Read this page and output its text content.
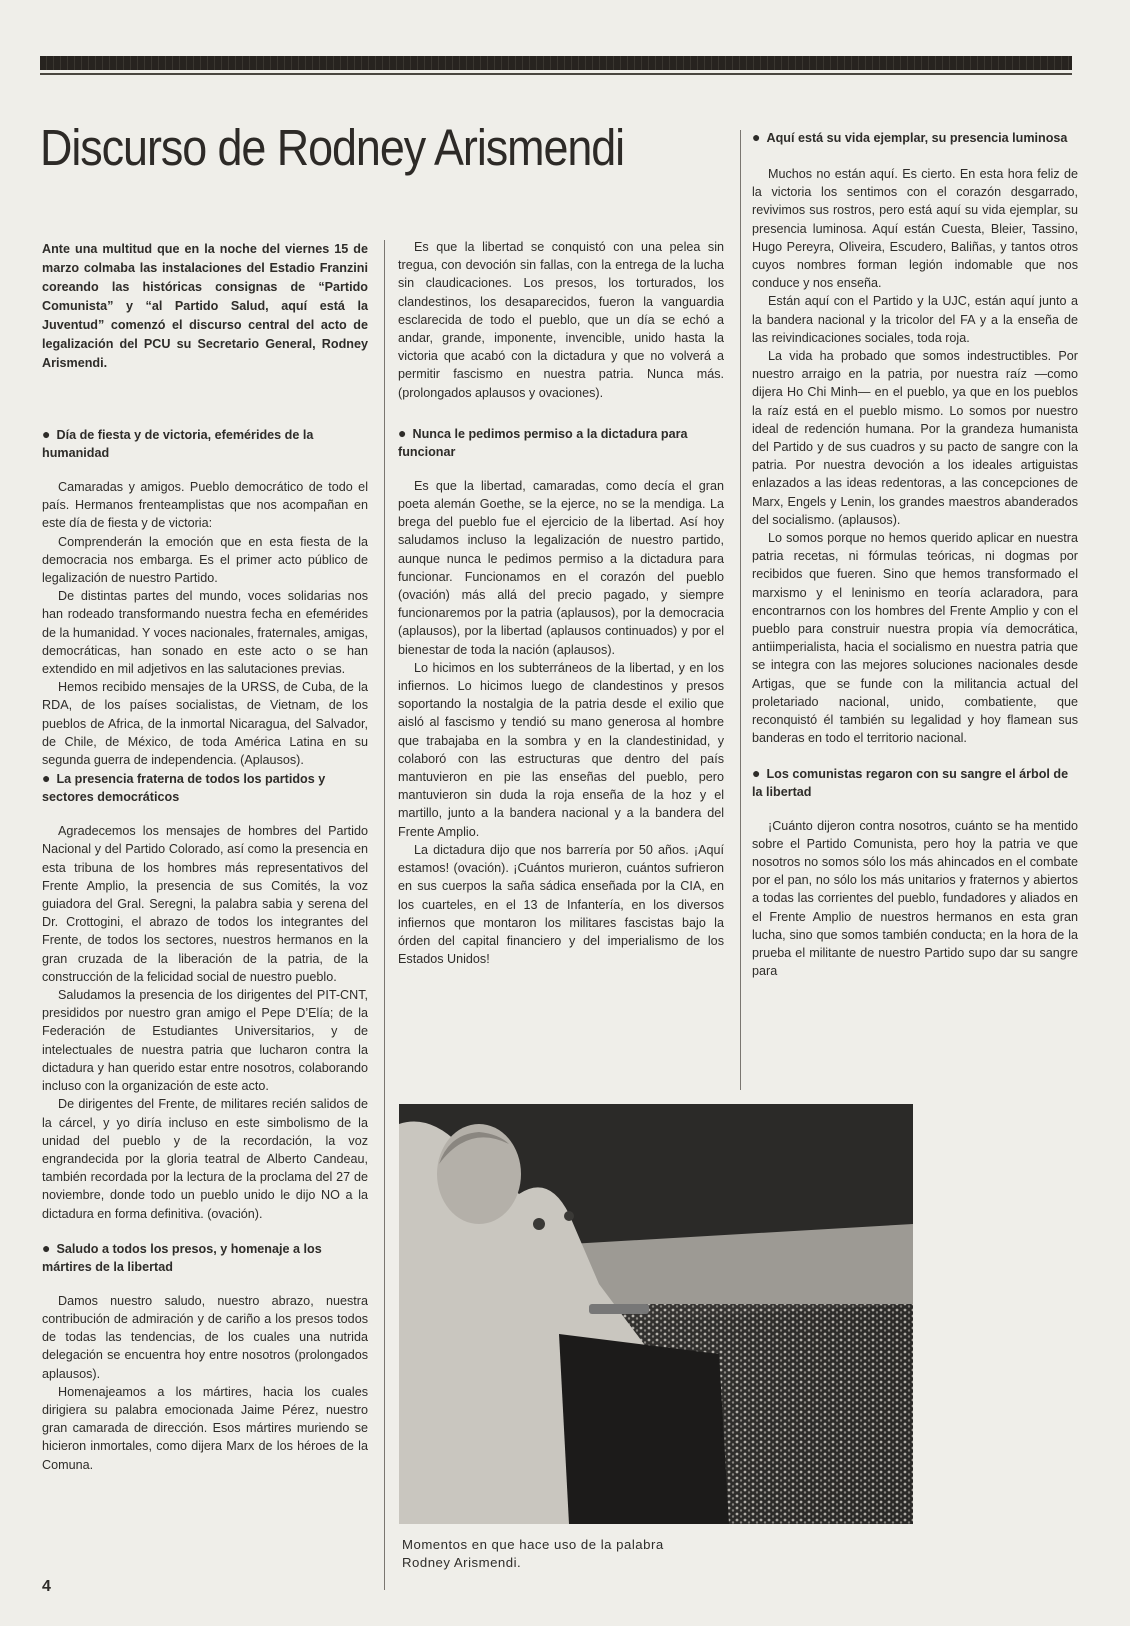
Discurso de Rodney Arismendi

Ante una multitud que en la noche del viernes 15 de marzo colmaba las instalaciones del Estadio Franzini coreando las históricas consignas de “Partido Comunista” y “al Partido Salud, aquí está la Juventud” comenzó el discurso central del acto de legalización del PCU su Secretario General, Rodney Arismendi.

● Día de fiesta y de victoria, efemérides de la humanidad

Camaradas y amigos. Pueblo democrático de todo el país. Hermanos frenteamplistas que nos acompañan en este día de fiesta y de victoria:

Comprenderán la emoción que en esta fiesta de la democracia nos embarga. Es el primer acto público de legalización de nuestro Partido.

De distintas partes del mundo, voces solidarias nos han rodeado transformando nuestra fecha en efemérides de la humanidad. Y voces nacionales, fraternales, amigas, democráticas, han sonado en este acto o se han extendido en mil adjetivos en las salutaciones previas.

Hemos recibido mensajes de la URSS, de Cuba, de la RDA, de los países socialistas, de Vietnam, de los pueblos de Africa, de la inmortal Nicaragua, del Salvador, de Chile, de México, de toda América Latina en su segunda guerra de independencia. (Aplausos).

● La presencia fraterna de todos los partidos y sectores democráticos

Agradecemos los mensajes de hombres del Partido Nacional y del Partido Colorado, así como la presencia en esta tribuna de los hombres más representativos del Frente Amplio, la presencia de sus Comités, la voz guiadora del Gral. Seregni, la palabra sabia y serena del Dr. Crottogini, el abrazo de todos los integrantes del Frente, de todos los sectores, nuestros hermanos en la gran cruzada de la liberación de la patria, de la construcción de la felicidad social de nuestro pueblo.

Saludamos la presencia de los dirigentes del PIT-CNT, presididos por nuestro gran amigo el Pepe D’Elía; de la Federación de Estudiantes Universitarios, y de intelectuales de nuestra patria que lucharon contra la dictadura y han querido estar entre nosotros, colaborando incluso con la organización de este acto.

De dirigentes del Frente, de militares recién salidos de la cárcel, y yo diría incluso en este simbolismo de la unidad del pueblo y de la recordación, la voz engrandecida por la gloria teatral de Alberto Candeau, también recordada por la lectura de la proclama del 27 de noviembre, donde todo un pueblo unido le dijo NO a la dictadura en forma definitiva. (ovación).

● Saludo a todos los presos, y homenaje a los mártires de la libertad

Damos nuestro saludo, nuestro abrazo, nuestra contribución de admiración y de cariño a los presos todos de todas las tendencias, de los cuales una nutrida delegación se encuentra hoy entre nosotros (prolongados aplausos).

Homenajeamos a los mártires, hacia los cuales dirigiera su palabra emocionada Jaime Pérez, nuestro gran camarada de dirección. Esos mártires muriendo se hicieron inmortales, como dijera Marx de los héroes de la Comuna.

Es que la libertad se conquistó con una pelea sin tregua, con devoción sin fallas, con la entrega de la lucha sin claudicaciones. Los presos, los torturados, los clandestinos, los desaparecidos, fueron la vanguardia esclarecida de todo el pueblo, que un día se echó a andar, grande, imponente, invencible, unido hasta la victoria que acabó con la dictadura y que no volverá a permitir fascismo en nuestra patria. Nunca más. (prolongados aplausos y ovaciones).

● Nunca le pedimos permiso a la dictadura para funcionar

Es que la libertad, camaradas, como decía el gran poeta alemán Goethe, se la ejerce, no se la mendiga. La brega del pueblo fue el ejercicio de la libertad. Así hoy saludamos incluso la legalización de nuestro partido, aunque nunca le pedimos permiso a la dictadura para funcionar. Funcionamos en el corazón del pueblo (ovación) más allá del precio pagado, y siempre funcionaremos por la patria (aplausos), por la democracia (aplausos), por la libertad (aplausos continuados) y por el bienestar de toda la nación (aplausos).

Lo hicimos en los subterráneos de la libertad, y en los infiernos. Lo hicimos luego de clandestinos y presos soportando la nostalgia de la patria desde el exilio que aisló al fascismo y tendió su mano generosa al hombre que trabajaba en la sombra y en la clandestinidad, y colaboró con las estructuras que dentro del país mantuvieron en pie las enseñas del pueblo, pero mantuvieron sin duda la roja enseña de la hoz y el martillo, junto a la bandera nacional y a la bandera del Frente Amplio.

La dictadura dijo que nos barrería por 50 años. ¡Aquí estamos! (ovación). ¡Cuántos murieron, cuántos sufrieron en sus cuerpos la saña sádica enseñada por la CIA, en los cuarteles, en el 13 de Infantería, en los diversos infiernos que montaron los militares fascistas bajo la órden del capital financiero y del imperialismo de los Estados Unidos!

● Aquí está su vida ejemplar, su presencia luminosa

Muchos no están aquí. Es cierto. En esta hora feliz de la victoria los sentimos con el corazón desgarrado, revivimos sus rostros, pero está aquí su vida ejemplar, su presencia luminosa. Aquí están Cuesta, Bleier, Tassino, Hugo Pereyra, Oliveira, Escudero, Baliñas, y tantos otros cuyos nombres forman legión indomable que nos conduce y nos enseña.

Están aquí con el Partido y la UJC, están aquí junto a la bandera nacional y la tricolor del FA y a la enseña de las reivindicaciones sociales, toda roja.

La vida ha probado que somos indestructibles. Por nuestro arraigo en la patria, por nuestra raíz —como dijera Ho Chi Minh— en el pueblo, ya que en los pueblos la raíz está en el pueblo mismo. Lo somos por nuestro ideal de redención humana. Por la grandeza humanista del Partido y de sus cuadros y su pacto de sangre con la patria. Por nuestra devoción a los ideales artiguistas enlazados a las ideas redentoras, a las concepciones de Marx, Engels y Lenin, los grandes maestros abanderados del socialismo. (aplausos).

Lo somos porque no hemos querido aplicar en nuestra patria recetas, ni fórmulas teóricas, ni dogmas por recibidos que fueren. Sino que hemos transformado el marxismo y el leninismo en teoría aclaradora, para encontrarnos con los hombres del Frente Amplio y con el pueblo para construir nuestra propia vía democrática, antiimperialista, hacia el socialismo en nuestra patria que se integra con las mejores soluciones nacionales desde Artigas, que se funde con la militancia actual del proletariado nacional, unido, combatiente, que reconquistó él también su legalidad y hoy flamean sus banderas en todo el territorio nacional.

● Los comunistas regaron con su sangre el árbol de la libertad

¡Cuánto dijeron contra nosotros, cuánto se ha mentido sobre el Partido Comunista, pero hoy la patria ve que nosotros no somos sólo los más ahincados en el combate por el pan, no sólo los más unitarios y fraternos y abiertos a todas las corrientes del pueblo, fundadores y aliados en el Frente Amplio de nuestros hermanos en esta gran lucha, sino que somos también conducta; en la hora de la prueba el militante de nuestro Partido supo dar su sangre para

Momentos en que hace uso de la palabra Rodney Arismendi.

4
